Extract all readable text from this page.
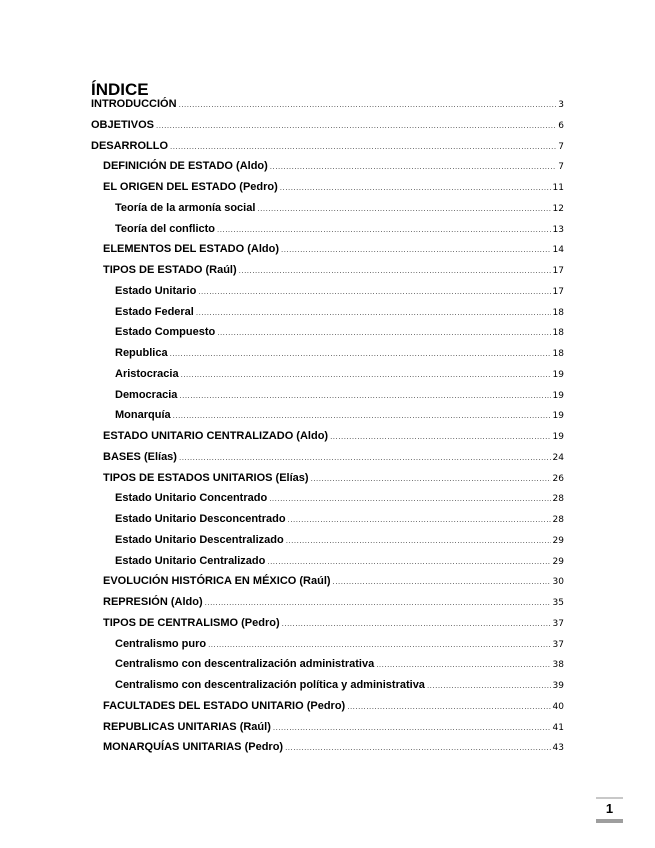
ÍNDICE
INTRODUCCIÓN .....	3
OBJETIVOS .....	6
DESARROLLO .....	7
DEFINICIÓN DE ESTADO (Aldo) .....	7
EL ORIGEN DEL ESTADO (Pedro) .....	11
Teoría de la armonía social .....	12
Teoría del conflicto .....	13
ELEMENTOS DEL ESTADO (Aldo) .....	14
TIPOS DE ESTADO (Raúl) .....	17
Estado Unitario .....	17
Estado Federal .....	18
Estado Compuesto .....	18
Republica .....	18
Aristocracia .....	19
Democracia .....	19
Monarquía .....	19
ESTADO UNITARIO CENTRALIZADO (Aldo) .....	19
BASES (Elías) .....	24
TIPOS DE ESTADOS UNITARIOS (Elías) .....	26
Estado Unitario Concentrado .....	28
Estado Unitario Desconcentrado .....	28
Estado Unitario Descentralizado .....	29
Estado Unitario Centralizado .....	29
EVOLUCIÓN HISTÓRICA EN MÉXICO (Raúl) .....	30
REPRESIÓN (Aldo) .....	35
TIPOS DE CENTRALISMO (Pedro) .....	37
Centralismo puro .....	37
Centralismo con descentralización administrativa .....	38
Centralismo con descentralización política y administrativa .....	39
FACULTADES DEL ESTADO UNITARIO (Pedro) .....	40
REPUBLICAS UNITARIAS (Raúl) .....	41
MONARQUÍAS UNITARIAS (Pedro) .....	43
1
